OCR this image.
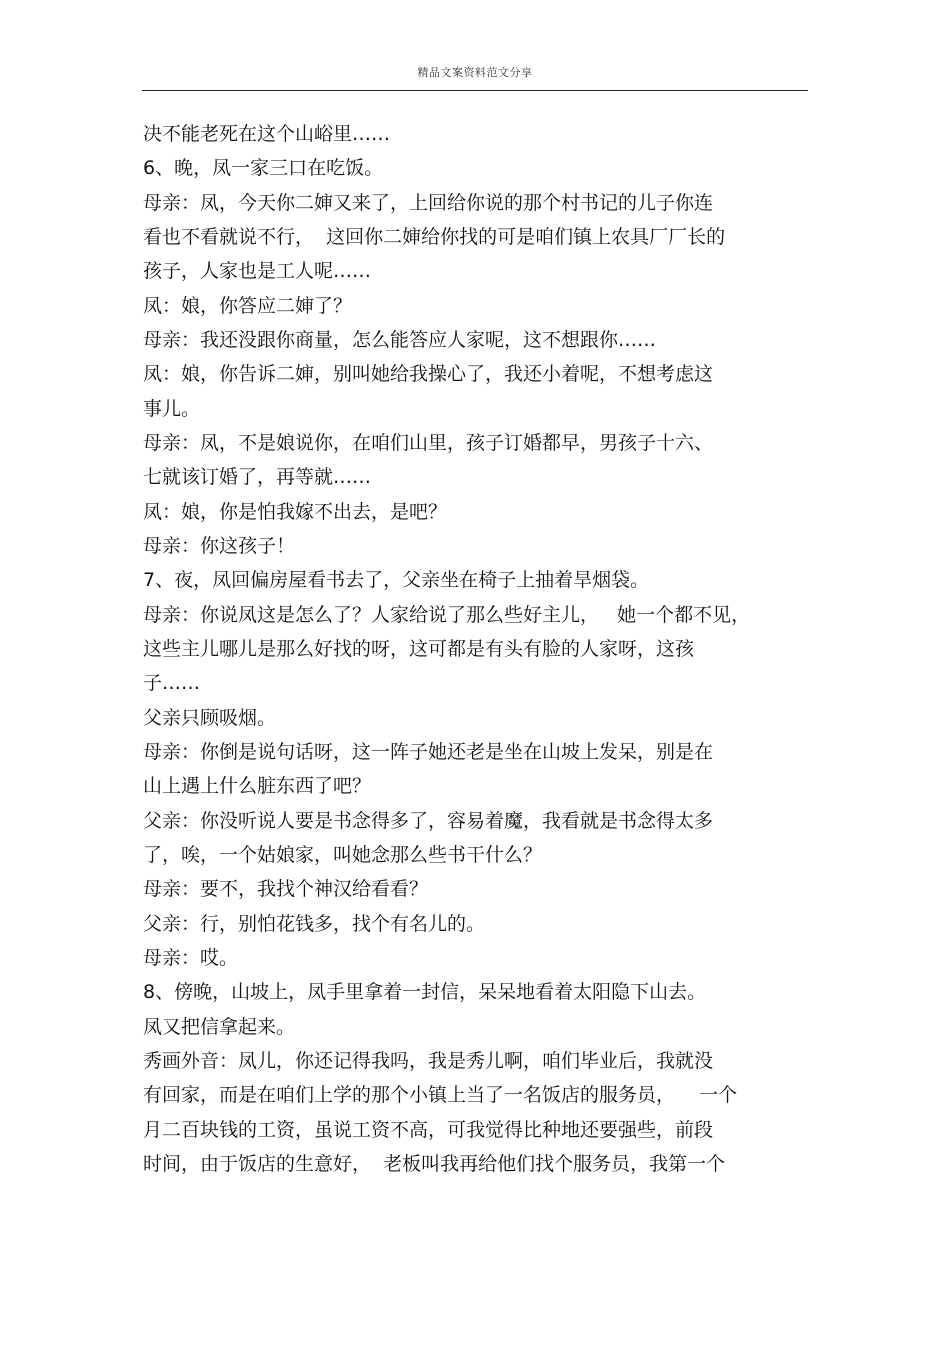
精品文案资料范文分享
决不能老死在这个山峪里……
6、晚，凤一家三口在吃饭。
母亲：凤，今天你二婶又来了，上回给你说的那个村书记的儿子你连
看也不看就说不行，  这回你二婶给你找的可是咱们镇上农具厂厂长的
孩子，人家也是工人呢……
凤：娘，你答应二婶了？
母亲：我还没跟你商量，怎么能答应人家呢，这不想跟你……
凤：娘，你告诉二婶，别叫她给我操心了，我还小着呢，不想考虑这
事儿。
母亲：凤，不是娘说你，在咱们山里，孩子订婚都早，男孩子十六、
七就该订婚了，再等就……
凤：娘，你是怕我嫁不出去，是吧？
母亲：你这孩子！
7、夜，凤回偏房屋看书去了，父亲坐在椅子上抽着旱烟袋。
母亲：你说凤这是怎么了？人家给说了那么些好主儿，   她一个都不见，
这些主儿哪儿是那么好找的呀，这可都是有头有脸的人家呀，这孩
子……
父亲只顾吸烟。
母亲：你倒是说句话呀，这一阵子她还老是坐在山坡上发呆，别是在
山上遇上什么脏东西了吧？
父亲：你没听说人要是书念得多了，容易着魔，我看就是书念得太多
了，唉，一个姑娘家，叫她念那么些书干什么？
母亲：要不，我找个神汉给看看？
父亲：行，别怕花钱多，找个有名儿的。
母亲：哎。
8、傍晚，山坡上，凤手里拿着一封信，呆呆地看着太阳隐下山去。
凤又把信拿起来。
秀画外音：凤儿，你还记得我吗，我是秀儿啊，咱们毕业后，我就没
有回家，而是在咱们上学的那个小镇上当了一名饭店的服务员，    一个
月二百块钱的工资，虽说工资不高，可我觉得比种地还要强些，前段
时间，由于饭店的生意好，  老板叫我再给他们找个服务员，我第一个
